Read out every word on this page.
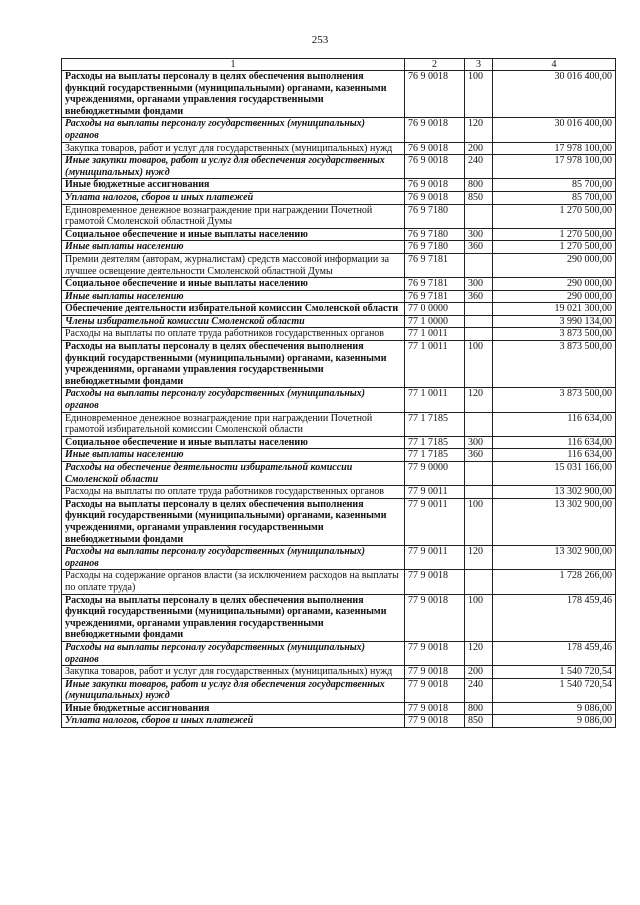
253
1	2	3	4
Расходы на выплаты персоналу в целях обеспечения выполнения функций государственными (муниципальными) органами, казенными учреждениями, органами управления государственными внебюджетными фондами	76 9 0018	100	30 016 400,00
Расходы на выплаты персоналу государственных (муниципальных) органов	76 9 0018	120	30 016 400,00
Закупка товаров, работ и услуг для государственных (муниципальных) нужд	76 9 0018	200	17 978 100,00
Иные закупки товаров, работ и услуг для обеспечения государственных (муниципальных) нужд	76 9 0018	240	17 978 100,00
Иные бюджетные ассигнования	76 9 0018	800	85 700,00
Уплата налогов, сборов и иных платежей	76 9 0018	850	85 700,00
Единовременное денежное вознаграждение при награждении Почетной грамотой Смоленской областной Думы	76 9 7180		1 270 500,00
Социальное обеспечение и иные выплаты населению	76 9 7180	300	1 270 500,00
Иные выплаты населению	76 9 7180	360	1 270 500,00
Премии деятелям (авторам, журналистам) средств массовой информации за лучшее освещение деятельности Смоленской областной Думы	76 9 7181		290 000,00
Социальное обеспечение и иные выплаты населению	76 9 7181	300	290 000,00
Иные выплаты населению	76 9 7181	360	290 000,00
Обеспечение деятельности избирательной комиссии Смоленской области	77 0 0000		19 021 300,00
Члены избирательной комиссии Смоленской области	77 1 0000		3 990 134,00
Расходы на выплаты по оплате труда работников государственных органов	77 1 0011		3 873 500,00
Расходы на выплаты персоналу в целях обеспечения выполнения функций государственными (муниципальными) органами, казенными учреждениями, органами управления государственными внебюджетными фондами	77 1 0011	100	3 873 500,00
Расходы на выплаты персоналу государственных (муниципальных) органов	77 1 0011	120	3 873 500,00
Единовременное денежное вознаграждение при награждении Почетной грамотой избирательной комиссии Смоленской области	77 1 7185		116 634,00
Социальное обеспечение и иные выплаты населению	77 1 7185	300	116 634,00
Иные выплаты населению	77 1 7185	360	116 634,00
Расходы на обеспечение деятельности избирательной комиссии Смоленской области	77 9 0000		15 031 166,00
Расходы на выплаты по оплате труда работников государственных органов	77 9 0011		13 302 900,00
Расходы на выплаты персоналу в целях обеспечения выполнения функций государственными (муниципальными) органами, казенными учреждениями, органами управления государственными внебюджетными фондами	77 9 0011	100	13 302 900,00
Расходы на выплаты персоналу государственных (муниципальных) органов	77 9 0011	120	13 302 900,00
Расходы на содержание органов власти (за исключением расходов на выплаты по оплате труда)	77 9 0018		1 728 266,00
Расходы на выплаты персоналу в целях обеспечения выполнения функций государственными (муниципальными) органами, казенными учреждениями, органами управления государственными внебюджетными фондами	77 9 0018	100	178 459,46
Расходы на выплаты персоналу государственных (муниципальных) органов	77 9 0018	120	178 459,46
Закупка товаров, работ и услуг для государственных (муниципальных) нужд	77 9 0018	200	1 540 720,54
Иные закупки товаров, работ и услуг для обеспечения государственных (муниципальных) нужд	77 9 0018	240	1 540 720,54
Иные бюджетные ассигнования	77 9 0018	800	9 086,00
Уплата налогов, сборов и иных платежей	77 9 0018	850	9 086,00
